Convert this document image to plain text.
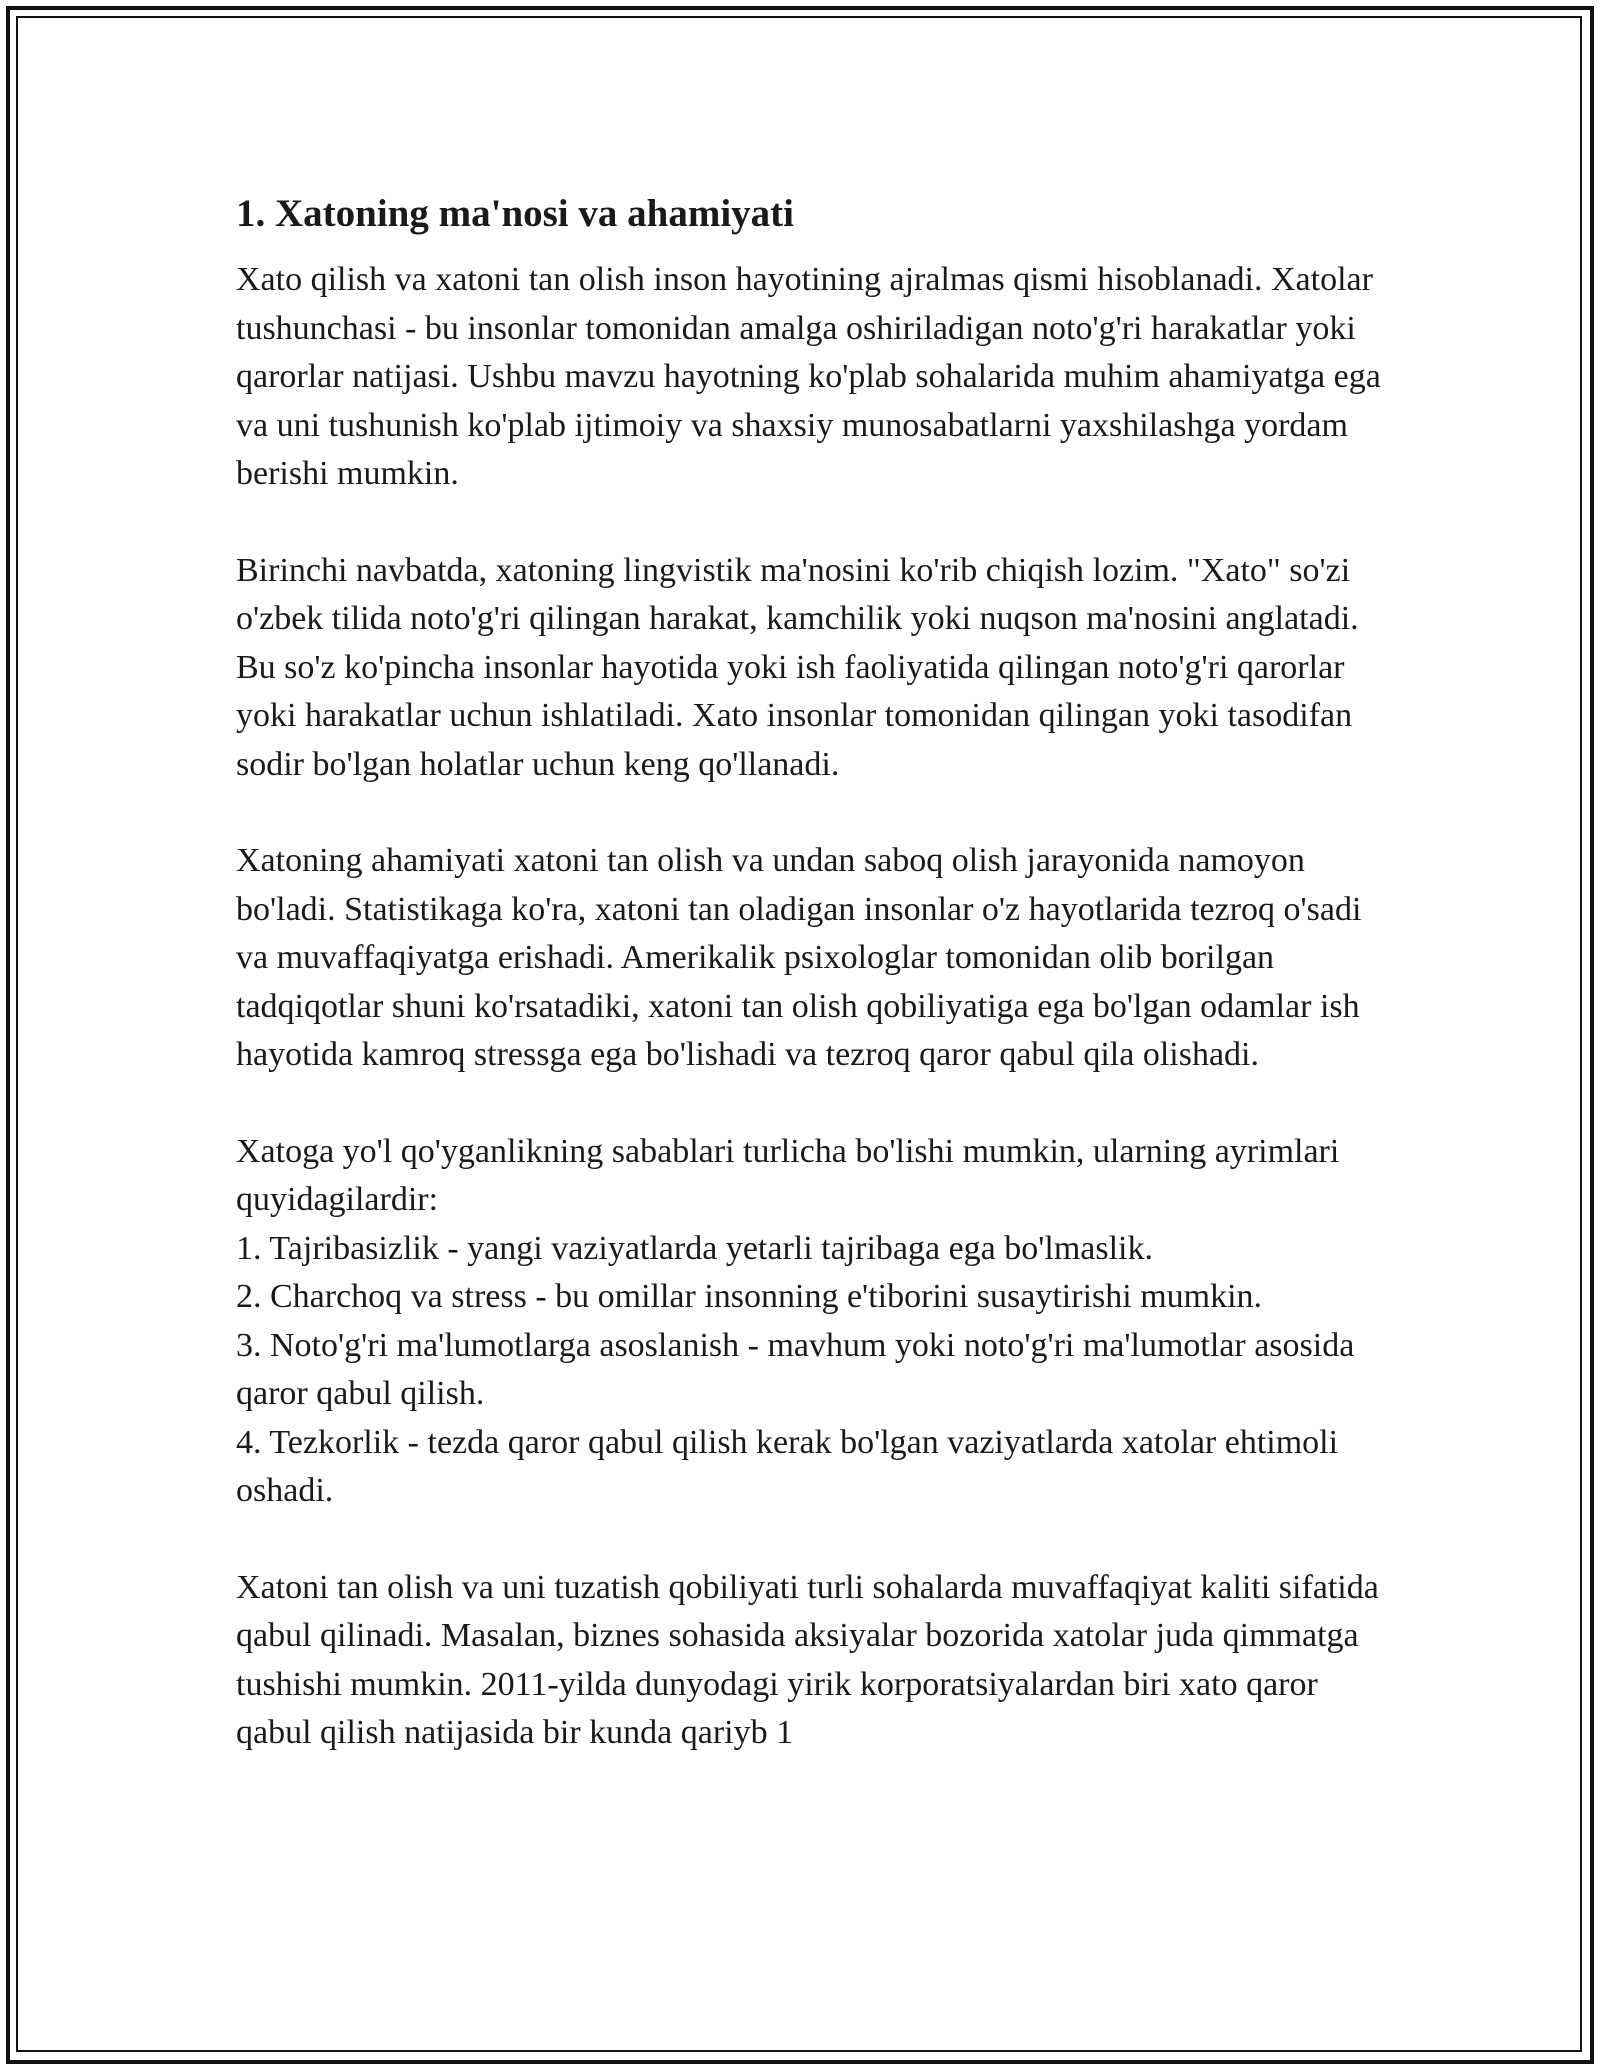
1. Xatoning ma'nosi va ahamiyati

Xato qilish va xatoni tan olish inson hayotining ajralmas qismi hisoblanadi. Xatolar tushunchasi - bu insonlar tomonidan amalga oshiriladigan noto'g'ri harakatlar yoki qarorlar natijasi. Ushbu mavzu hayotning ko'plab sohalarida muhim ahamiyatga ega va uni tushunish ko'plab ijtimoiy va shaxsiy munosabatlarni yaxshilashga yordam berishi mumkin.

Birinchi navbatda, xatoning lingvistik ma'nosini ko'rib chiqish lozim. "Xato" so'zi o'zbek tilida noto'g'ri qilingan harakat, kamchilik yoki nuqson ma'nosini anglatadi. Bu so'z ko'pincha insonlar hayotida yoki ish faoliyatida qilingan noto'g'ri qarorlar yoki harakatlar uchun ishlatiladi. Xato insonlar tomonidan qilingan yoki tasodifan sodir bo'lgan holatlar uchun keng qo'llanadi.

Xatoning ahamiyati xatoni tan olish va undan saboq olish jarayonida namoyon bo'ladi. Statistikaga ko'ra, xatoni tan oladigan insonlar o'z hayotlarida tezroq o'sadi va muvaffaqiyatga erishadi. Amerikalik psixologlar tomonidan olib borilgan tadqiqotlar shuni ko'rsatadiki, xatoni tan olish qobiliyatiga ega bo'lgan odamlar ish hayotida kamroq stressga ega bo'lishadi va tezroq qaror qabul qila olishadi.

Xatoga yo'l qo'yganlikning sabablari turlicha bo'lishi mumkin, ularning ayrimlari quyidagilardir:
1. Tajribasizlik - yangi vaziyatlarda yetarli tajribaga ega bo'lmaslik.
2. Charchoq va stress - bu omillar insonning e'tiborini susaytirishi mumkin.
3. Noto'g'ri ma'lumotlarga asoslanish - mavhum yoki noto'g'ri ma'lumotlar asosida qaror qabul qilish.
4. Tezkorlik - tezda qaror qabul qilish kerak bo'lgan vaziyatlarda xatolar ehtimoli oshadi.

Xatoni tan olish va uni tuzatish qobiliyati turli sohalarda muvaffaqiyat kaliti sifatida qabul qilinadi. Masalan, biznes sohasida aksiyalar bozorida xatolar juda qimmatga tushishi mumkin. 2011-yilda dunyodagi yirik korporatsiyalardan biri xato qaror qabul qilish natijasida bir kunda qariyb 1
